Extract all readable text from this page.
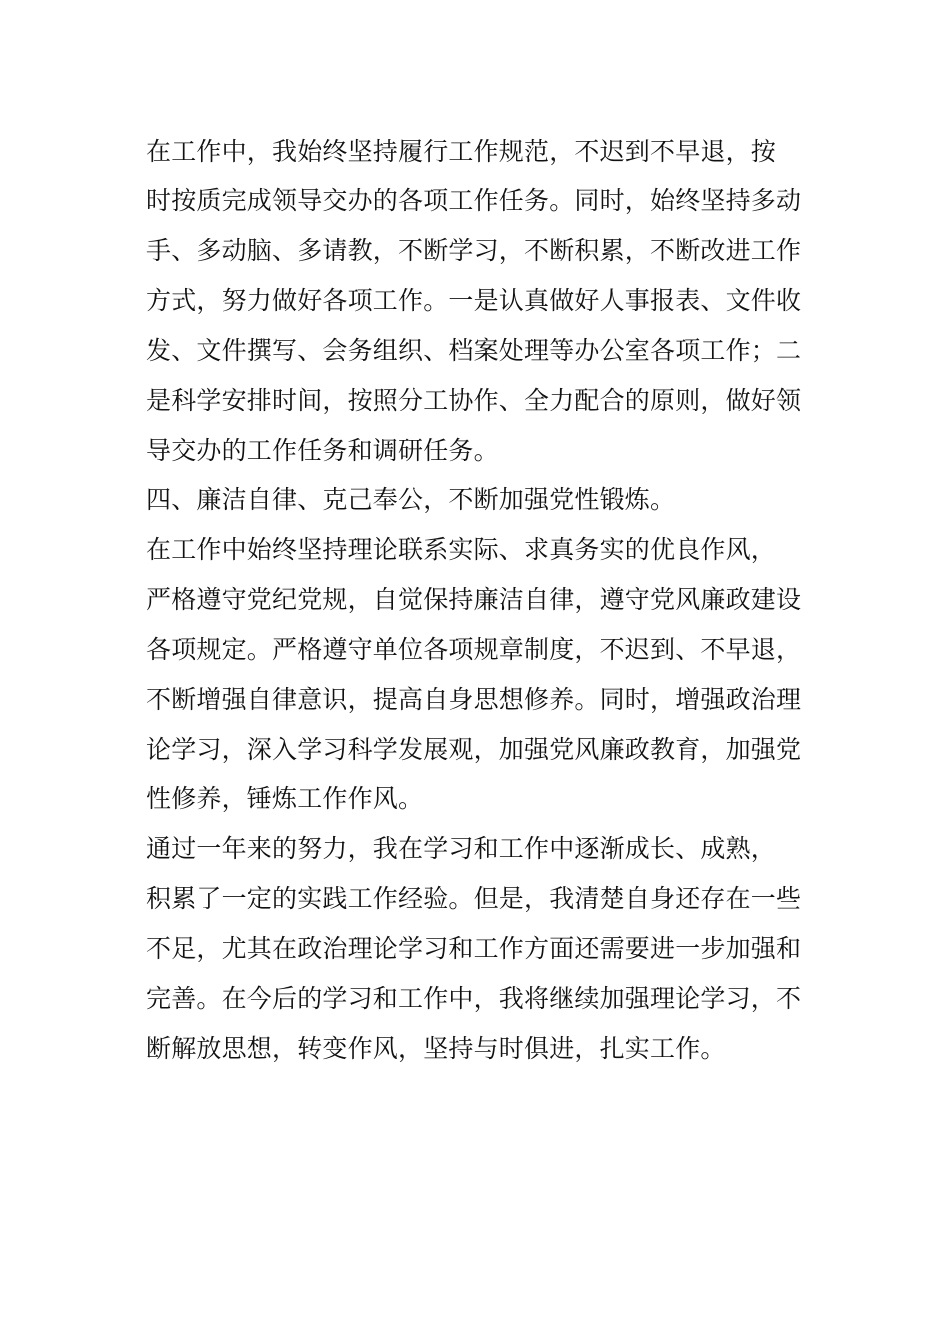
在工作中，我始终坚持履行工作规范，不迟到不早退，按
时按质完成领导交办的各项工作任务。同时，始终坚持多动
手、多动脑、多请教，不断学习，不断积累，不断改进工作
方式，努力做好各项工作。一是认真做好人事报表、文件收
发、文件撰写、会务组织、档案处理等办公室各项工作；二
是科学安排时间，按照分工协作、全力配合的原则，做好领
导交办的工作任务和调研任务。
四、廉洁自律、克己奉公，不断加强党性锻炼。
在工作中始终坚持理论联系实际、求真务实的优良作风，
严格遵守党纪党规，自觉保持廉洁自律，遵守党风廉政建设
各项规定。严格遵守单位各项规章制度，不迟到、不早退，
不断增强自律意识，提高自身思想修养。同时，增强政治理
论学习，深入学习科学发展观，加强党风廉政教育，加强党
性修养，锤炼工作作风。
通过一年来的努力，我在学习和工作中逐渐成长、成熟，
积累了一定的实践工作经验。但是，我清楚自身还存在一些
不足，尤其在政治理论学习和工作方面还需要进一步加强和
完善。在今后的学习和工作中，我将继续加强理论学习，不
断解放思想，转变作风，坚持与时俱进，扎实工作。
